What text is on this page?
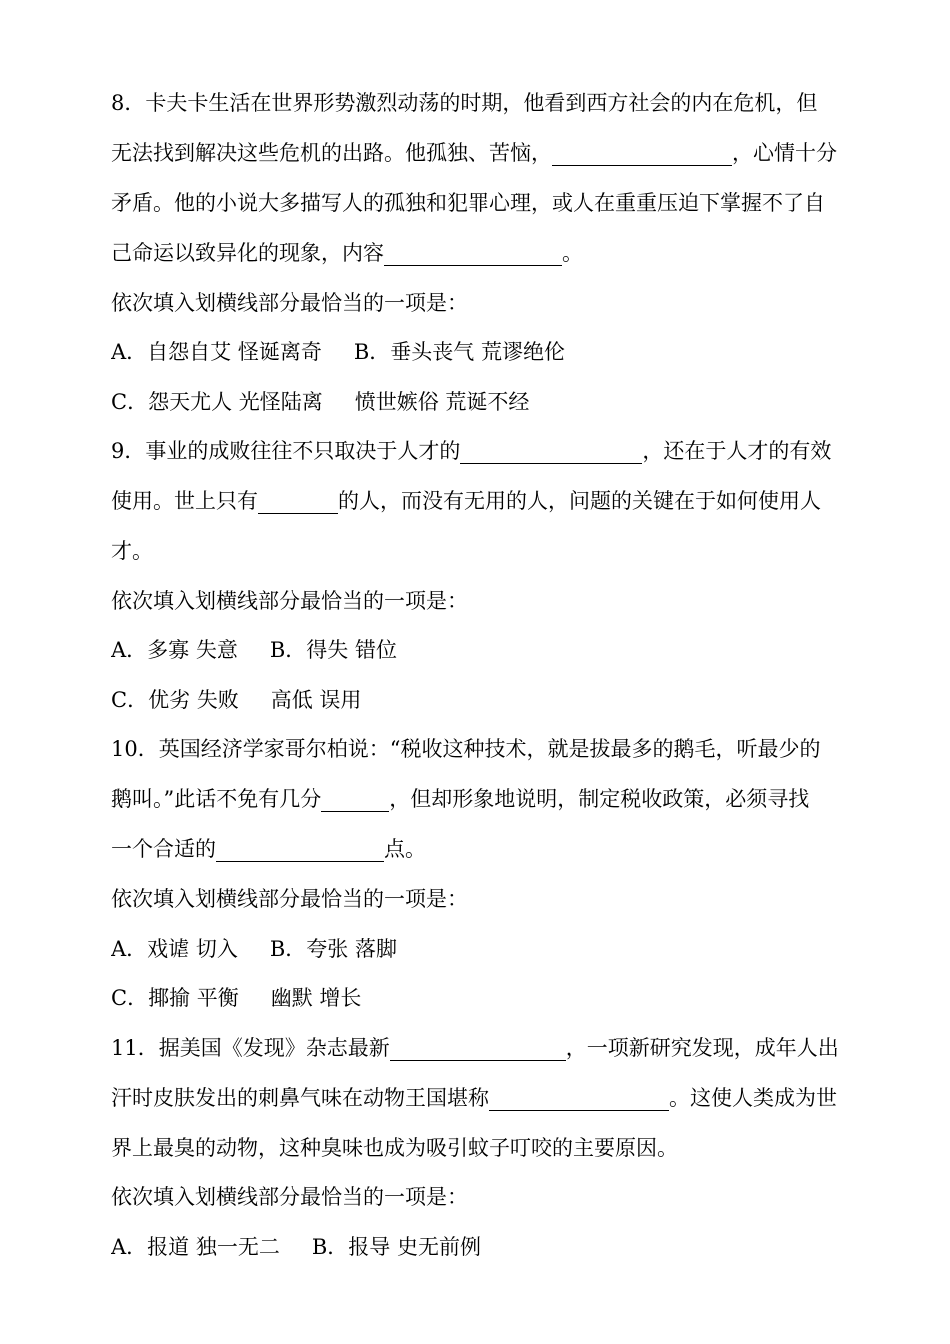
8．卡夫卡生活在世界形势激烈动荡的时期，他看到西方社会的内在危机，但
无法找到解决这些危机的出路。他孤独、苦恼，	，心情十分
矛盾。他的小说大多描写人的孤独和犯罪心理，或人在重重压迫下掌握不了自
己命运以致异化的现象，内容	。
依次填入划横线部分最恰当的一项是：
A．自怨自艾 怪诞离奇 B．垂头丧气 荒谬绝伦
C．怨天尤人 光怪陆离 愤世嫉俗 荒诞不经
9．事业的成败往往不只取决于人才的	，还在于人才的有效
使用。世上只有	的人，而没有无用的人，问题的关键在于如何使用人
才。
依次填入划横线部分最恰当的一项是：
A．多寡 失意 B．得失 错位
C．优劣 失败 高低 误用
10．英国经济学家哥尔柏说：“税收这种技术，就是拔最多的鹅毛，听最少的
鹅叫。”此话不免有几分	，但却形象地说明，制定税收政策，必须寻找
一个合适的	点。
依次填入划横线部分最恰当的一项是：
A．戏谑 切入 B．夸张 落脚
C．揶揄 平衡 幽默 增长
11．据美国《发现》杂志最新	，一项新研究发现，成年人出
汗时皮肤发出的刺鼻气味在动物王国堪称	。这使人类成为世
界上最臭的动物，这种臭味也成为吸引蚊子叮咬的主要原因。
依次填入划横线部分最恰当的一项是：
A．报道 独一无二 B．报导 史无前例
